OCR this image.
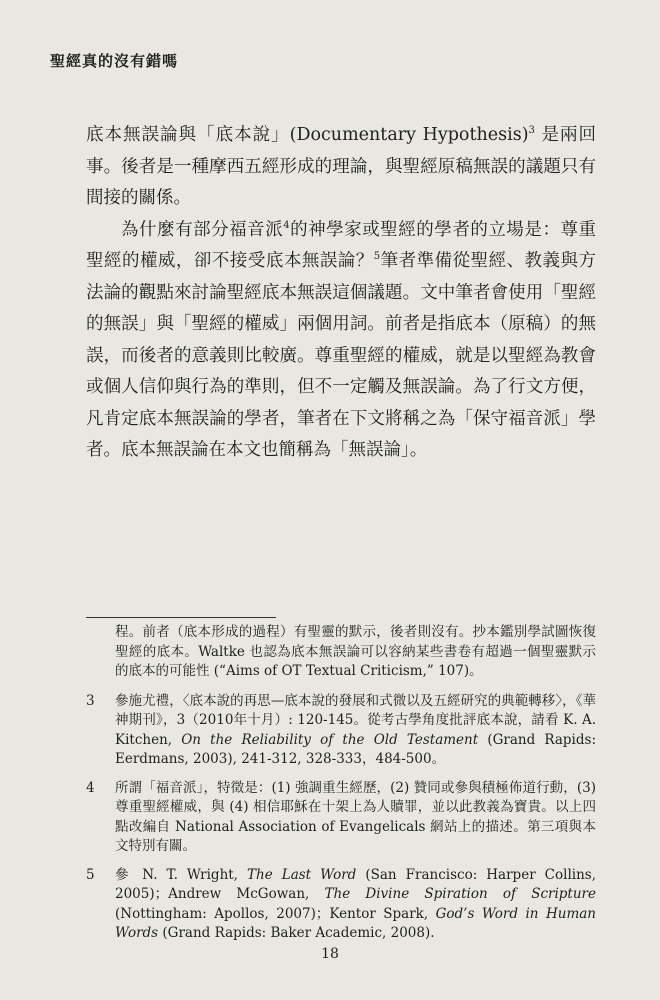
聖經真的沒有錯嗎

底本無誤論與「底本說」(Documentary Hypothesis)$^3$ 是兩回事。後者是一種摩西五經形成的理論，與聖經原稿無誤的議題只有間接的關係。

為什麼有部分福音派$^4$的神學家或聖經的學者的立場是：尊重聖經的權威，卻不接受底本無誤論？$^5$筆者準備從聖經、教義與方法論的觀點來討論聖經底本無誤這個議題。文中筆者會使用「聖經的無誤」與「聖經的權威」兩個用詞。前者是指底本（原稿）的無誤，而後者的意義則比較廣。尊重聖經的權威，就是以聖經為教會或個人信仰與行為的準則，但不一定觸及無誤論。為了行文方便，凡肯定底本無誤論的學者，筆者在下文將稱之為「保守福音派」學者。底本無誤論在本文也簡稱為「無誤論」。

程。前者（底本形成的過程）有聖靈的默示，後者則沒有。抄本鑑別學試圖恢復聖經的底本。Waltke 也認為底本無誤論可以容納某些書卷有超過一個聖靈默示的底本的可能性 (“Aims of OT Textual Criticism,” 107)。
3 參施尤禮，〈底本說的再思—底本說的發展和式微以及五經研究的典範轉移〉，《華神期刊》，3（2010年十月）: 120-145。從考古學角度批評底本說，請看 K. A. Kitchen, On the Reliability of the Old Testament (Grand Rapids: Eerdmans, 2003), 241-312, 328-333，484-500。
4 所謂「福音派」，特徵是：(1) 強調重生經歷，(2) 贊同或參與積極佈道行動，(3) 尊重聖經權威，與 (4) 相信耶穌在十架上為人贖罪，並以此教義為寶貴。以上四點改編自 National Association of Evangelicals 網站上的描述。第三項與本文特別有關。
5 參 N. T. Wright, The Last Word (San Francisco: Harper Collins, 2005)；Andrew McGowan, The Divine Spiration of Scripture (Nottingham: Apollos, 2007)；Kentor Spark, God’s Word in Human Words (Grand Rapids: Baker Academic, 2008).
18
